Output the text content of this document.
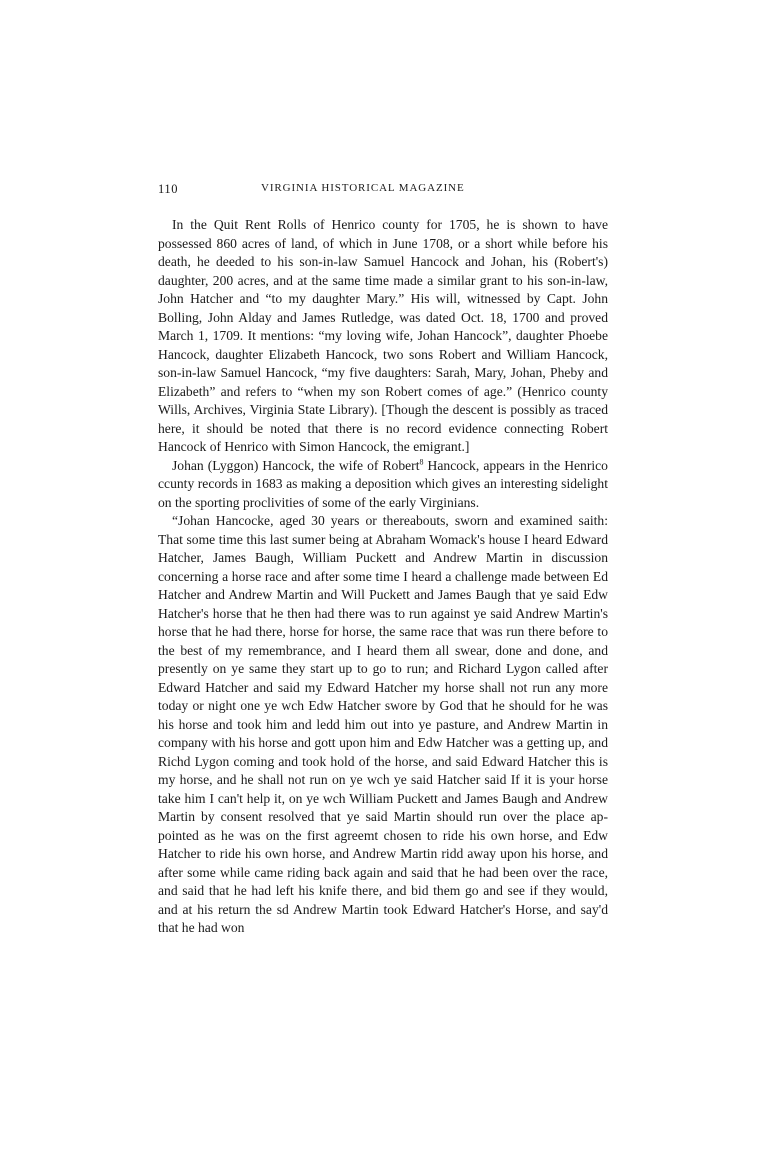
110	VIRGINIA HISTORICAL MAGAZINE

In the Quit Rent Rolls of Henrico county for 1705, he is shown to have possessed 860 acres of land, of which in June 1708, or a short while before his death, he deeded to his son-in-law Samuel Hancock and Johan, his (Robert's) daughter, 200 acres, and at the same time made a similar grant to his son-in-law, John Hatcher and “to my daughter Mary.” His will, witnessed by Capt. John Bolling, John Alday and James Rutledge, was dated Oct. 18, 1700 and proved March 1, 1709. It mentions: “my loving wife, Johan Hancock”, daughter Phoebe Hancock, daughter Elizabeth Hancock, two sons Robert and William Hancock, son-in-law Samuel Hancock, “my five daughters: Sarah, Mary, Johan, Pheby and Elizabeth” and refers to “when my son Robert comes of age.” (Henrico county Wills, Archives, Virginia State Library). [Though the descent is possibly as traced here, it should be noted that there is no record evidence connecting Robert Hancock of Henrico with Simon Hancock, the emigrant.]

Johan (Lyggon) Hancock, the wife of Robert$^8$ Hancock, appears in the Henrico ccunty records in 1683 as making a deposition which gives an interesting sidelight on the sporting proclivities of some of the early Virginians.

“Johan Hancocke, aged 30 years or thereabouts, sworn and examined saith: That some time this last sumer being at Abraham Womack's house I heard Edward Hatcher, James Baugh, William Puckett and Andrew Martin in discussion concerning a horse race and after some time I heard a challenge made between Ed Hatcher and Andrew Martin and Will Puckett and James Baugh that ye said Edw Hatcher's horse that he then had there was to run against ye said Andrew Martin's horse that he had there, horse for horse, the same race that was run there before to the best of my remembrance, and I heard them all swear, done and done, and presently on ye same they start up to go to run; and Richard Lygon called after Edward Hatcher and said my Edward Hatcher my horse shall not run any more today or night one ye wch Edw Hatcher swore by God that he should for he was his horse and took him and ledd him out into ye pasture, and Andrew Martin in company with his horse and gott upon him and Edw Hatcher was a getting up, and Richd Lygon coming and took hold of the horse, and said Edward Hatcher this is my horse, and he shall not run on ye wch ye said Hatcher said If it is your horse take him I can't help it, on ye wch William Puckett and James Baugh and Andrew Martin by consent resolved that ye said Martin should run over the place appointed as he was on the first agreemt chosen to ride his own horse, and Edw Hatcher to ride his own horse, and Andrew Martin ridd away upon his horse, and after some while came riding back again and said that he had been over the race, and said that he had left his knife there, and bid them go and see if they would, and at his return the sd Andrew Martin took Edward Hatcher's Horse, and say'd that he had won
